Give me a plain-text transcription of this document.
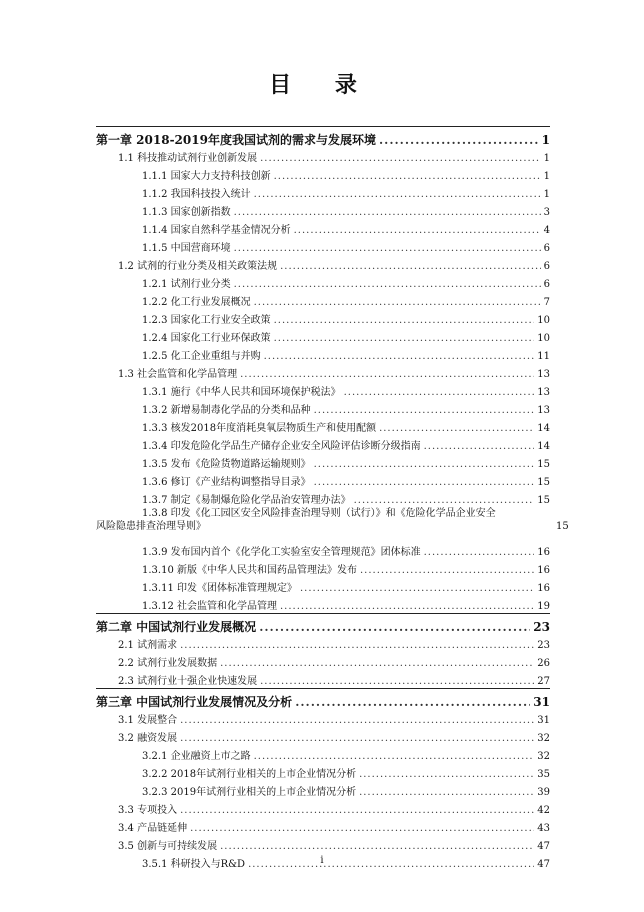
目 录
第一章 2018-2019年度我国试剂的需求与发展环境 .....	1
1.1 科技推动试剂行业创新发展 .....	1
1.1.1 国家大力支持科技创新 .....	1
1.1.2 我国科技投入统计 .....	1
1.1.3 国家创新指数 .....	3
1.1.4 国家自然科学基金情况分析 .....	4
1.1.5 中国营商环境 .....	6
1.2 试剂的行业分类及相关政策法规 .....	6
1.2.1 试剂行业分类 .....	6
1.2.2 化工行业发展概况 .....	7
1.2.3 国家化工行业安全政策 .....	10
1.2.4 国家化工行业环保政策 .....	10
1.2.5 化工企业重组与并购 .....	11
1.3 社会监管和化学品管理 .....	13
1.3.1 施行《中华人民共和国环境保护税法》 .....	13
1.3.2 新增易制毒化学品的分类和品种 .....	13
1.3.3 核发2018年度消耗臭氧层物质生产和使用配额 .....	14
1.3.4 印发危险化学品生产储存企业安全风险评估诊断分级指南 .....	14
1.3.5 发布《危险货物道路运输规则》 .....	15
1.3.6 修订《产业结构调整指导目录》 .....	15
1.3.7 制定《易制爆危险化学品治安管理办法》 .....	15
1.3.8 印发《化工园区安全风险排查治理导则（试行）》和《危险化学品企业安全
风险隐患排查治理导则》	15
1.3.9 发布国内首个《化学化工实验室安全管理规范》团体标准 .....	16
1.3.10 新版《中华人民共和国药品管理法》发布 .....	16
1.3.11 印发《团体标准管理规定》 .....	16
1.3.12 社会监管和化学品管理 .....	19
第二章 中国试剂行业发展概况 .....	23
2.1 试剂需求 .....	23
2.2 试剂行业发展数据 .....	26
2.3 试剂行业十强企业快速发展 .....	27
第三章 中国试剂行业发展情况及分析 .....	31
3.1 发展整合 .....	31
3.2 融资发展 .....	32
3.2.1 企业融资上市之路 .....	32
3.2.2 2018年试剂行业相关的上市企业情况分析 .....	35
3.2.3 2019年试剂行业相关的上市企业情况分析 .....	39
3.3 专项投入 .....	42
3.4 产品链延伸 .....	43
3.5 创新与可持续发展 .....	47
3.5.1 科研投入与R&D .....	47
i
